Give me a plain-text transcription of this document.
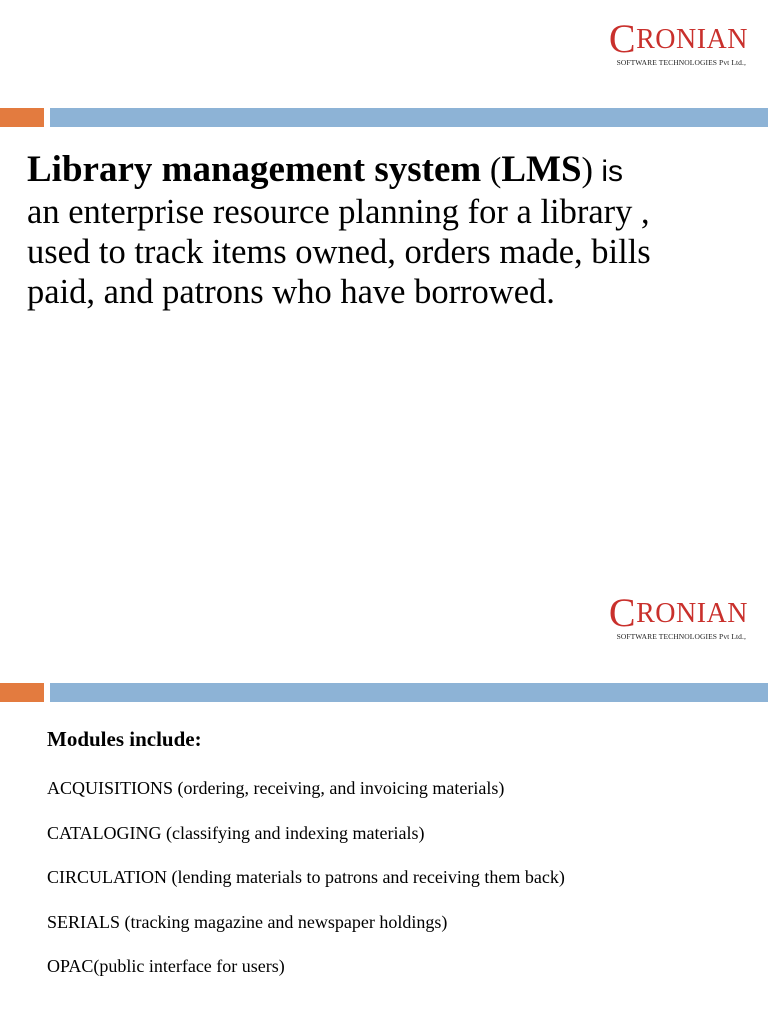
CRONIAN
SOFTWARE TECHNOLOGIES Pvt Ltd.,
Library management system (LMS) is
an enterprise resource planning for a library ,
used to track items owned, orders made, bills
paid, and patrons who have borrowed.
CRONIAN
SOFTWARE TECHNOLOGIES Pvt Ltd.,
Modules include:
ACQUISITIONS (ordering, receiving, and invoicing materials)
CATALOGING (classifying and indexing materials)
CIRCULATION (lending materials to patrons and receiving them back)
SERIALS (tracking magazine and newspaper holdings)
OPAC(public interface for users)
